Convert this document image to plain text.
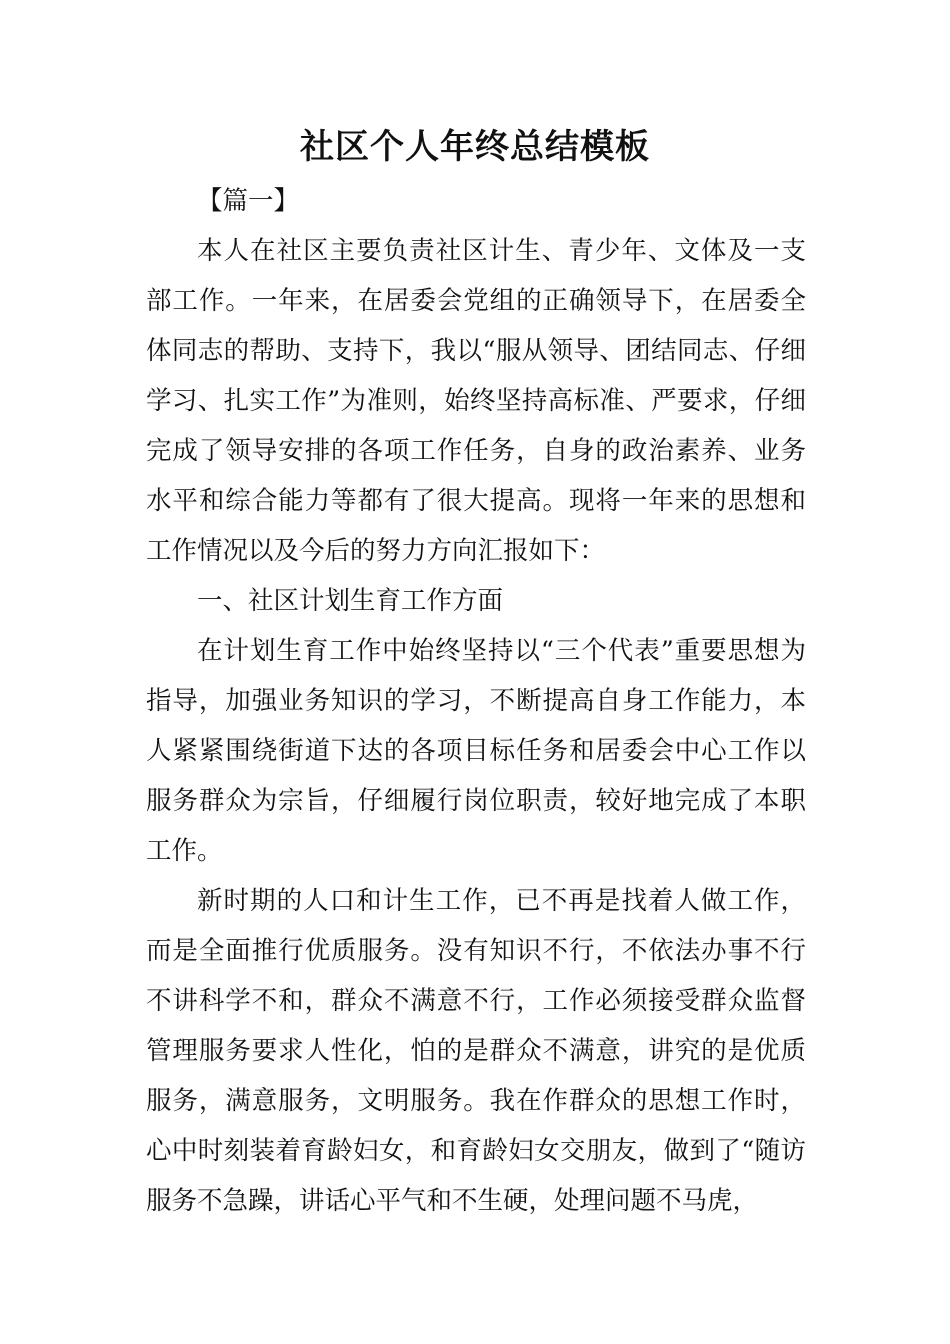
社区个人年终总结模板

【篇一】

本人在社区主要负责社区计生、青少年、文体及一支部工作。一年来，在居委会党组的正确领导下，在居委全体同志的帮助、支持下，我以“服从领导、团结同志、仔细学习、扎实工作”为准则，始终坚持高标准、严要求，仔细完成了领导安排的各项工作任务，自身的政治素养、业务水平和综合能力等都有了很大提高。现将一年来的思想和工作情况以及今后的努力方向汇报如下：

一、社区计划生育工作方面

在计划生育工作中始终坚持以“三个代表”重要思想为指导，加强业务知识的学习，不断提高自身工作能力，本人紧紧围绕街道下达的各项目标任务和居委会中心工作以服务群众为宗旨，仔细履行岗位职责，较好地完成了本职工作。

新时期的人口和计生工作，已不再是找着人做工作，而是全面推行优质服务。没有知识不行，不依法办事不行不讲科学不和，群众不满意不行，工作必须接受群众监督管理服务要求人性化，怕的是群众不满意，讲究的是优质服务，满意服务，文明服务。我在作群众的思想工作时，心中时刻装着育龄妇女，和育龄妇女交朋友，做到了“随访服务不急躁，讲话心平气和不生硬，处理问题不马虎，
